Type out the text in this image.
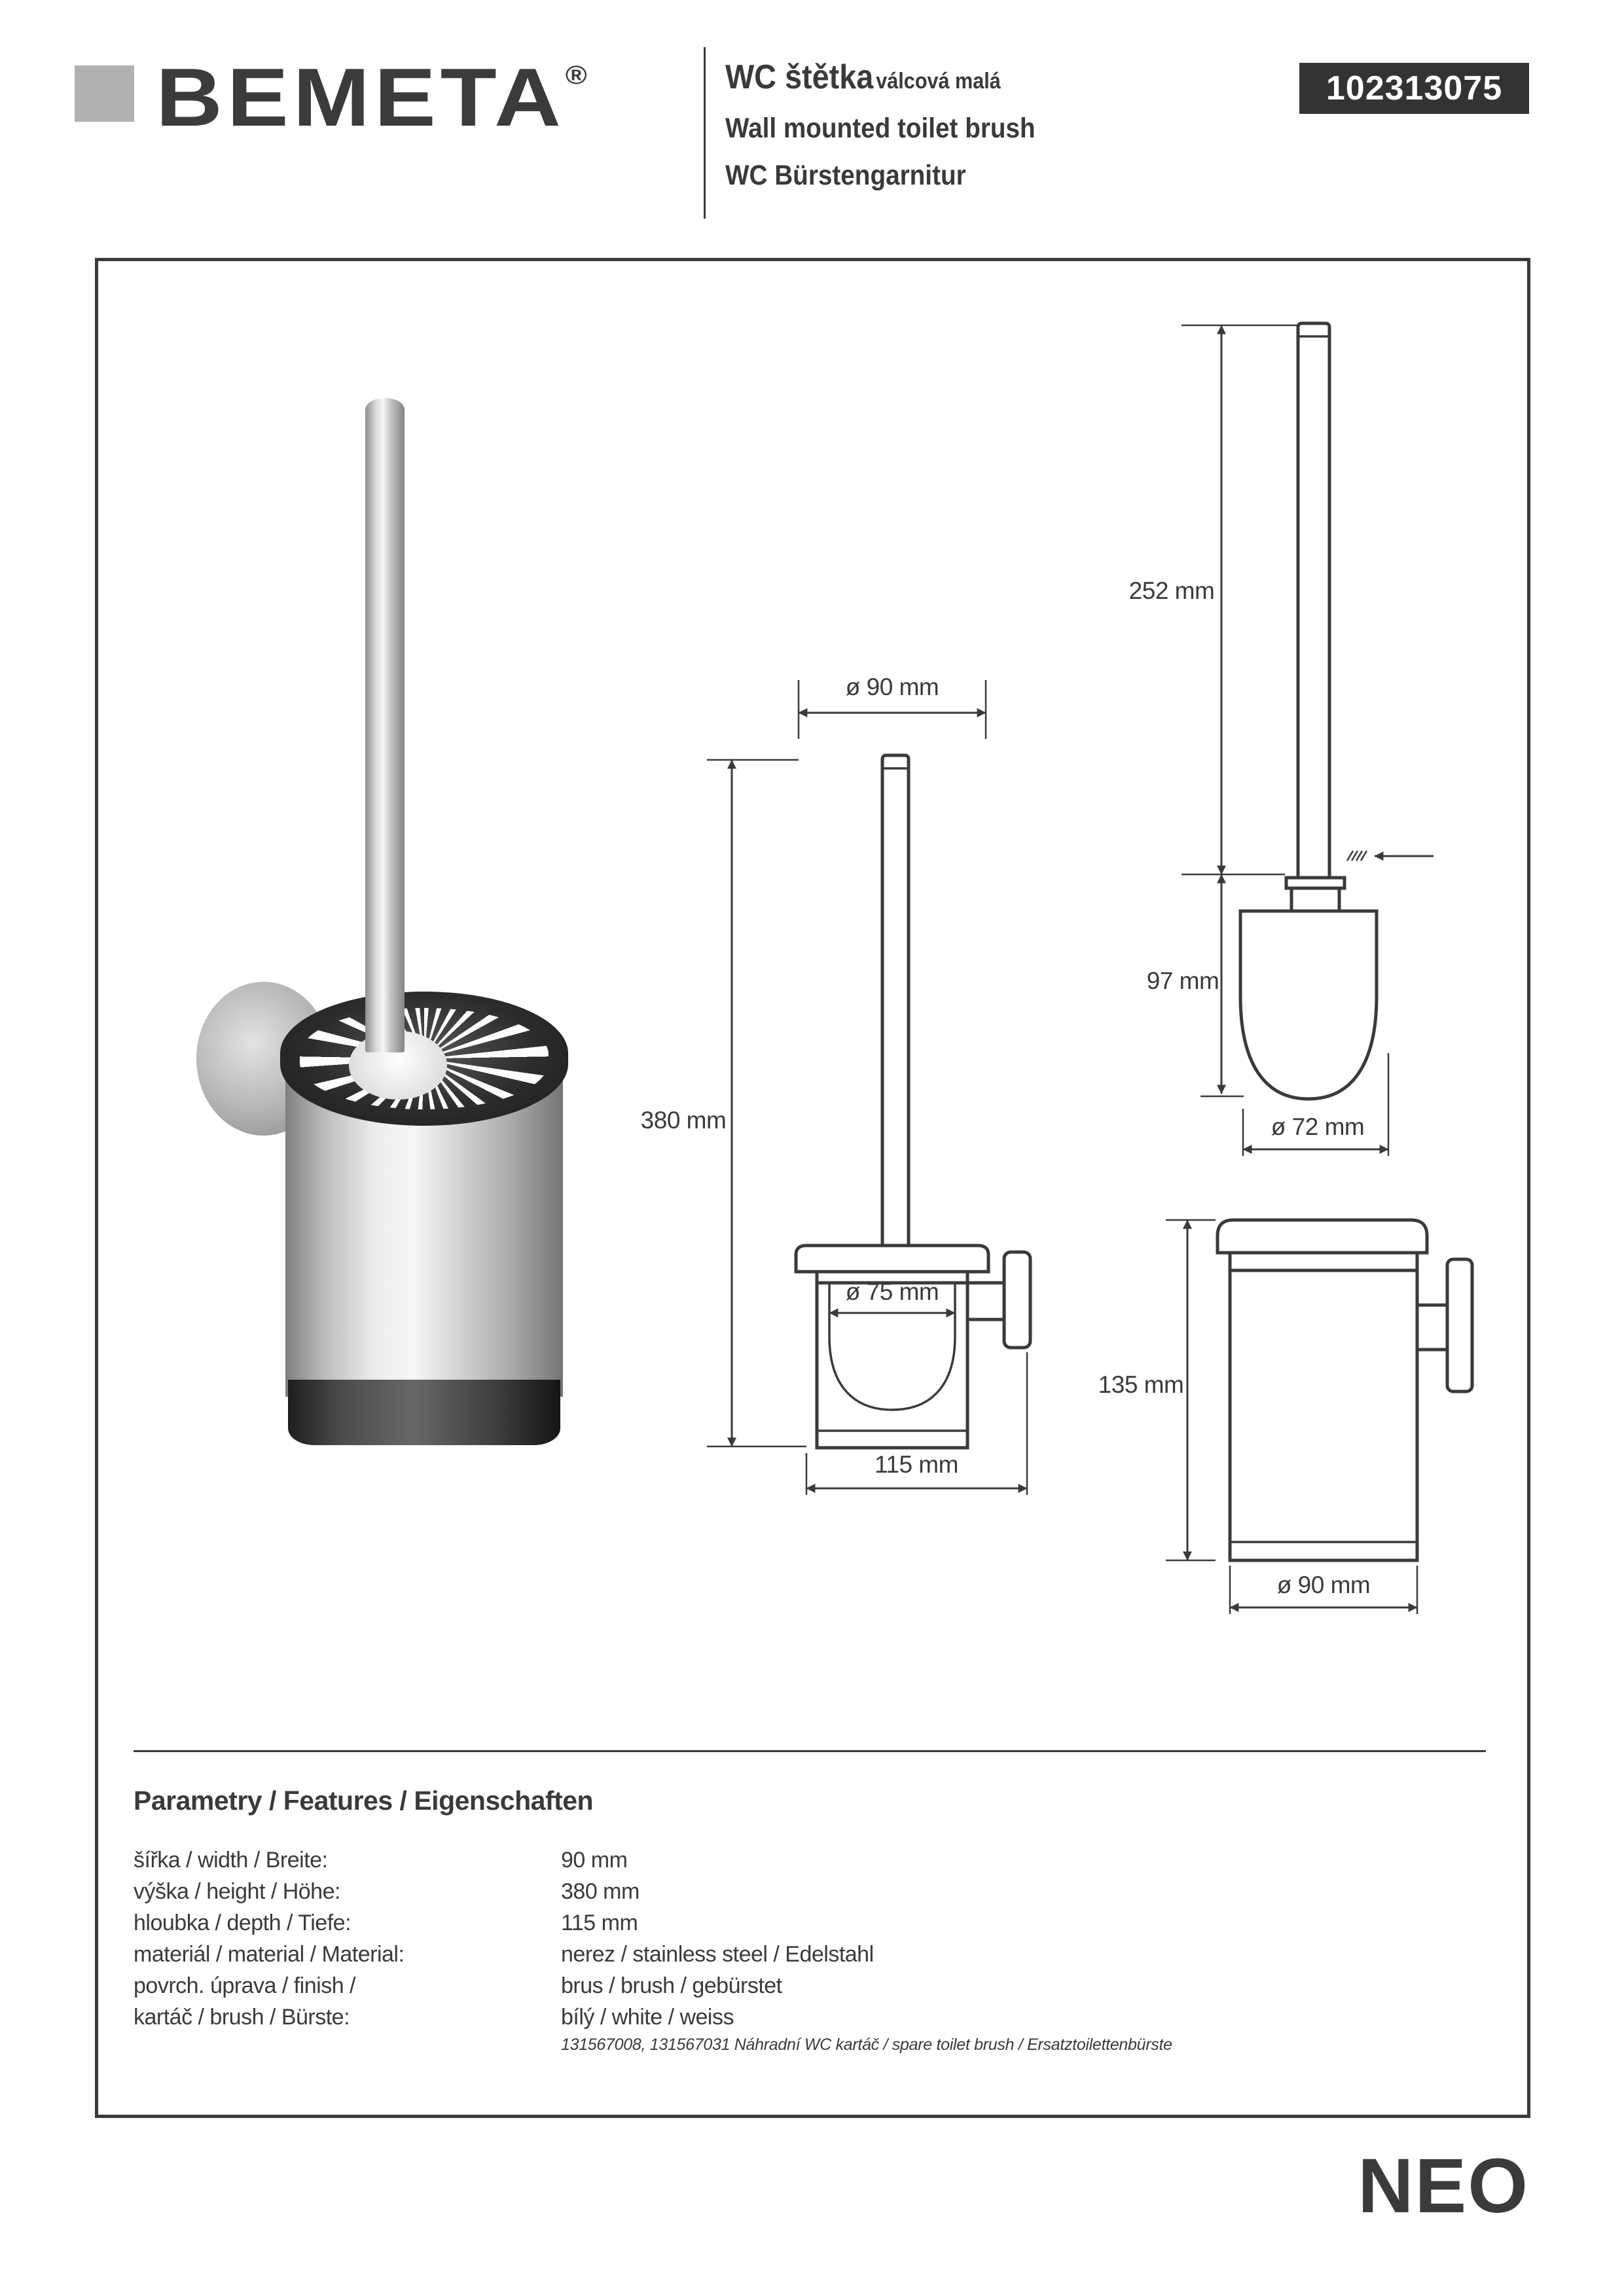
BEMETA®	WC štětka válcová malá
Wall mounted toilet brush
WC Bürstengarnitur
102313075
ø 90 mm
380 mm
ø 75 mm
115 mm
252 mm
97 mm
ø 72 mm
135 mm
ø 90 mm
Parametry / Features / Eigenschaften
šířka / width / Breite:	90 mm
výška / height / Höhe:	380 mm
hloubka / depth / Tiefe:	115 mm
materiál / material / Material:	nerez / stainless steel / Edelstahl
povrch. úprava / finish /	brus / brush / gebürstet
kartáč / brush / Bürste:	bílý / white / weiss
131567008, 131567031 Náhradní WC kartáč / spare toilet brush / Ersatztoilettenbürste
NEO
